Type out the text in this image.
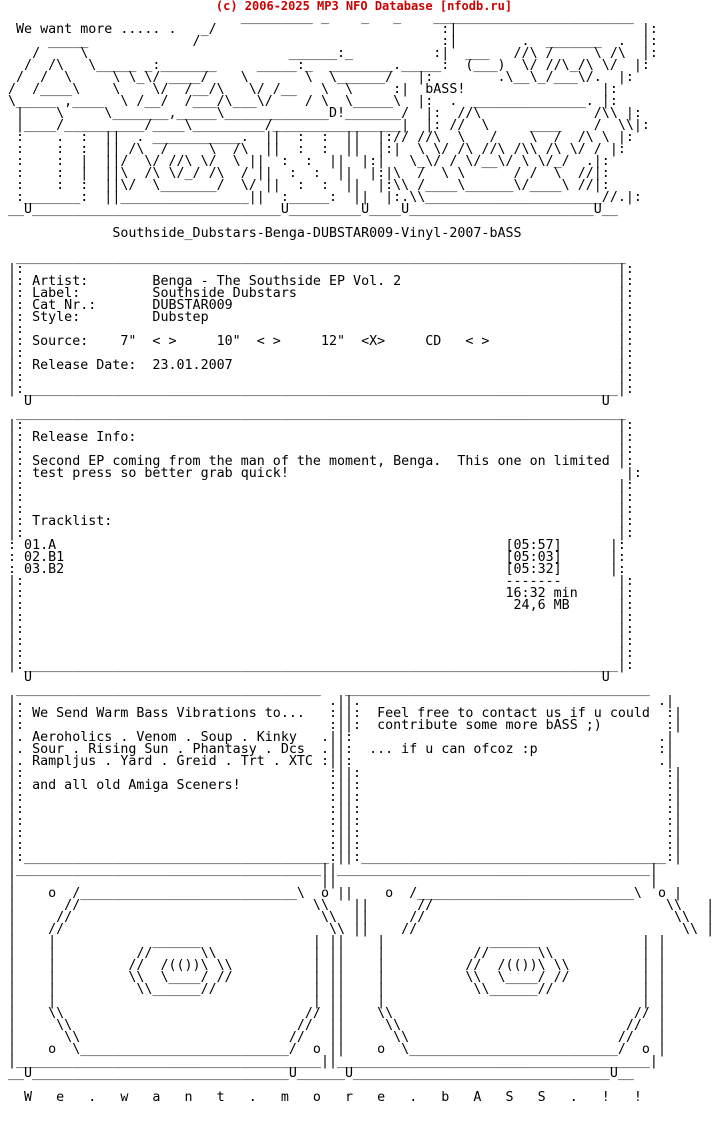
(c) 2006-2025 MP3 NFO Database [nfodb.ru]
_________ _    _   _    _________________________
We want more ..... .   _/                            :|                       |:
_____             /                              :|        .  _______  .  |:
/     \                         ______:_          :|  ___   //\ /     \ /\  |:
/  /\   \_____ _:_______     _____:_  ________._____:  (___)  \/ //\_/\ \/  |:
/  /  \     \ \_\/ ____/    \       \  \______/   |:        .\__\_/___\/.  |:
/  /____\    \    \/  /__/\   \/ /__   \  \     :|  bASS!                 |:
\_____ ,____  \ /__/  /___/\___\/    / \  \_____\  |:  .  ______________. |:
|    \     \_______,_____\_____________D!_______/  |:  //\              /\\ |:
|____/__________/____\_________/________________|  |: //  \     ____    /  \\|:
:    .  :  ||  . ___________.  ||  :  :  ||  |:// //\  \   /    \  /  /\ \ |:
:    :  :  || /\  /     \  /\  ||  :  :  ||  |:|  \ \/ /\ //\ /\\ /\ \/ / |:
:    :  |  ||/  \/ //\ \/  \ ||  :  :  ||  |:|   \_\/ / \/__\/ \ \/_/  .|:
:    :  |  ||\  /\ \/_/ /\  / ||  :  :  ||  |:|\  /  \ \      / /  \  //|:
:    :  :  ||\/  \_______/  \/ ||  :  :  ||  |:\\ /____\______\/____\ //|:
:_______:  ||________________||  :_____:  ||  |:.\\______________________//.|:
__U_______________________________U_________U____U_______________________U__

Southside_Dubstars-Benga-DUBSTAR009-Vinyl-2007-bASS

____________________________________________________________________________
|:                                                                          |:
|: Artist:        Benga - The Southside EP Vol. 2                           |:
|: Label:         Southside Dubstars                                        |:
|: Cat Nr.:       DUBSTAR009                                                |:
|: Style:         Dubstep                                                   |:
|:                                                                          |:
|: Source:    7"  < >     10"  < >     12"  <X>     CD   < >                |:
|:                                                                          |:
|: Release Date:  23.01.2007                                                |:
|:                                                                          |:
|:__________________________________________________________________________|:
U                                                                       U
____________________________________________________________________________
|:                                                                          |:
|: Release Info:                                                            |:
|:                                                                          |:
|: Second EP coming from the man of the moment, Benga.  This one on limited |:
|: test press so better grab quick!                                          |:
|:                                                                          |:
|:                                                                          |:
|:                                                                          |:
|: Tracklist:                                                               |:
|:                                                                          |:
: 01.A                                                        [05:57]      |:
: 02.B1                                                       [05:03]      |:
: 03.B2                                                       [05:32]      |:
|:                                                            -------       |:
|:                                                            16:32 min     |:
|:                                                             24,6 MB      |:
|:                                                                          |:
|:                                                                          |:
|:                                                                          |:
|:                                                                          |:
|:__________________________________________________________________________|:
U                                                                       U
______________________________________   ______________________________________
|.                                      .||.                                     .|
|: We Send Warm Bass Vibrations to...   :||:  Feel free to contact us if u could  :|
|:                                      :||:  contribute some more bASS ;)        :|
|. Aeroholics . Venom . Soup . Kinky   .||:                                      .|
|. Sour . Rising Sun . Phantasy . Dcs  .||:  ... if u can ofcoz :p               :|
|. Rampljus . Yard . Greid . Trt . XTC :||:                                      .|
|:                                      :||:                                      :|
|: and all old Amiga Sceners!           :||:                                      :|
|:                                      :||:                                      :|
|:                                      :||:                                      :|
|:                                      :||:                                      :|
|:                                      :||:                                      :|
|:                                      :||:                                      :|
|:______________________________________:||:______________________________________:|
|______________________________________||_______________________________________|
|                                      ||                                       |
|    o  /___________________________\  o ||    o  /___________________________\  o |
|      //                             \\   ||      //                             \\   |
|     //                               \\  ||     //                               \\  |
|    //                                 \\ ||    //                                 \\ |
|    |            ______              | ||    |             ______             | |
|    |          //      \\            | ||    |           //      \\           | |
|    |         //  /(())\ \\          | ||    |          //  /(())\ \\         | |
|    |         \\  \____/ //          | ||    |          \\  \____/ //         | |
|    |          \\______//            | ||    |           \\______//           | |
|    |                                | ||    |                                | |
|    \\                              // ||    \\                              // |
|     \\                            //  ||     \\                            //  |
|      \\                          //   ||      \\                          //   |
|    o  \__________________________/  o ||    o  \__________________________/  o |
|______________________________________||_______________________________________|
__U________________________________U______U________________________________U__

W   e   .   w   a   n   t   .   m   o   r   e   .   b   A   S   S   .   !   !
